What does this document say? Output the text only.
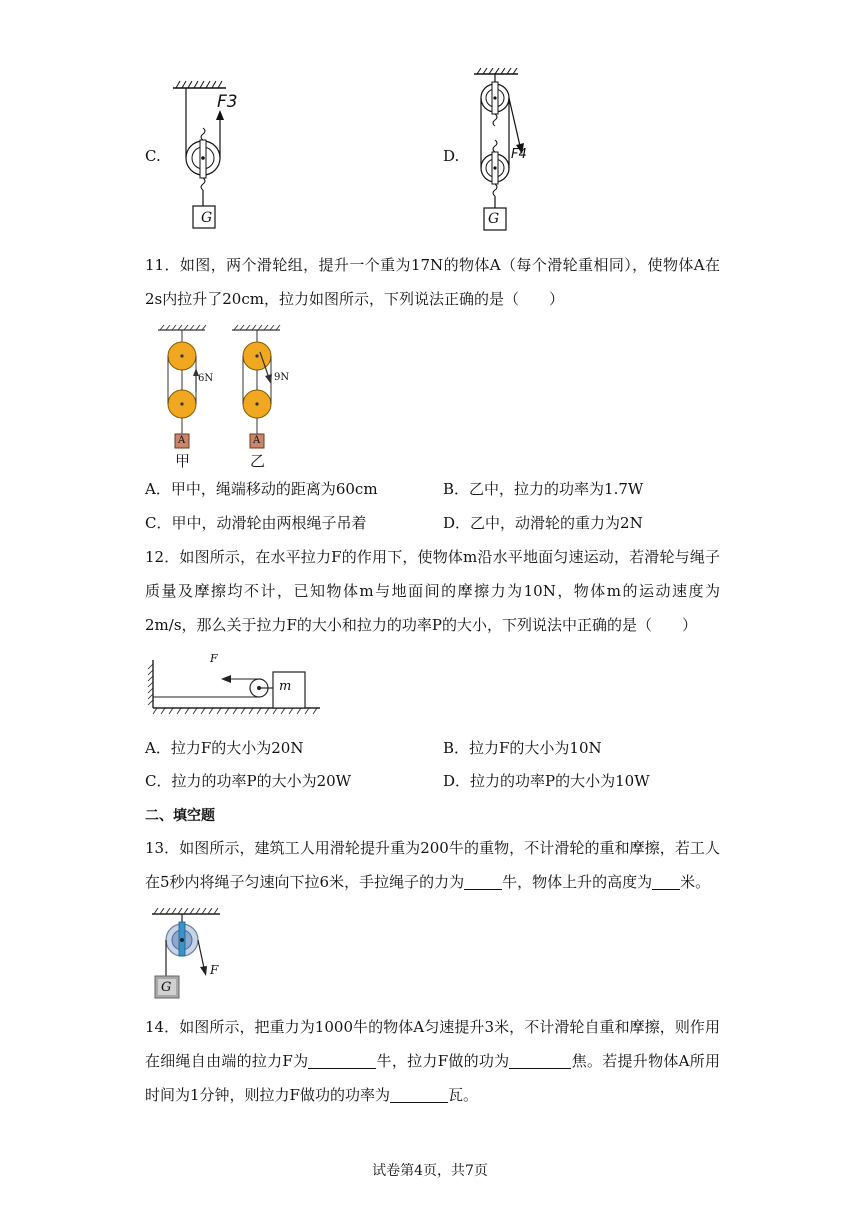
C.
F3
G
D.	F4
G
11．如图，两个滑轮组，提升一个重为17N的物体A（每个滑轮重相同），使物体A在2s内拉升了20cm，拉力如图所示，下列说法正确的是（　　）
6N	9N
A	A
甲	乙
A．甲中，绳端移动的距离为60cm	B．乙中，拉力的功率为1.7W
C．甲中，动滑轮由两根绳子吊着	D．乙中，动滑轮的重力为2N
12．如图所示，在水平拉力F的作用下，使物体m沿水平地面匀速运动，若滑轮与绳子质量及摩擦均不计，已知物体m与地面间的摩擦力为10N，物体m的运动速度为2m/s，那么关于拉力F的大小和拉力的功率P的大小，下列说法中正确的是（　　）
F
m
A．拉力F的大小为20N	B．拉力F的大小为10N
C．拉力的功率P的大小为20W	D．拉力的功率P的大小为10W
二、填空题
13．如图所示，建筑工人用滑轮提升重为200牛的重物，不计滑轮的重和摩擦，若工人在5秒内将绳子匀速向下拉6米，手拉绳子的力为	牛，物体上升的高度为 米。
G
F
14．如图所示，把重力为1000牛的物体A匀速提升3米，不计滑轮自重和摩擦，则作用在细绳自由端的拉力F为	牛，拉力F做的功为	焦。若提升物体A所用时间为1分钟，则拉力F做功的功率为	瓦。
试卷第4页，共7页
